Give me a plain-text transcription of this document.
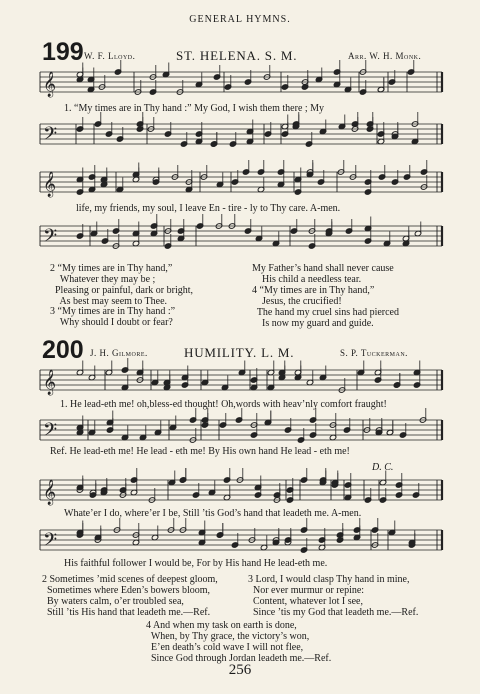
GENERAL HYMNS.
199 W. F. Lloyd.	ST. HELENA. S. M.	Arr. W. H. Monk.
𝄞
1. “My times are in Thy hand :” My God, I wish them there ; My
𝄢
𝄞
life, my friends, my soul, I leave En - tire - ly to Thy care. A-men.
𝄢
2 “My times are in Thy hand,”
Whatever they may be ;
Pleasing or painful, dark or bright,
As best may seem to Thee.
3 “My times are in Thy hand :”
Why should I doubt or fear?
My Father’s hand shall never cause
His child a needless tear.
4 “My times are in Thy hand,”
Jesus, the crucified!
The hand my cruel sins had pierced
Is now my guard and guide.
200 J. H. Gilmore.	HUMILITY. L. M.	S. P. Tuckerman.
𝄞
1. He lead-eth me! oh,bless-ed thought! Oh,words with heav’nly comfort fraught!
𝄢
Ref. He lead-eth me! He lead - eth me! By His own hand He lead - eth me!
D. C.
𝄞
Whate’er I do, where’er I be, Still ’tis God’s hand that leadeth me. A-men.
𝄢
His faithful follower I would be, For by His hand He lead-eth me.
2 Sometimes ’mid scenes of deepest gloom,
Sometimes where Eden’s bowers bloom,
By waters calm, o’er troubled sea,
Still ’tis His hand that leadeth me.—Ref.
3 Lord, I would clasp Thy hand in mine,
Nor ever murmur or repine:
Content, whatever lot I see,
Since ’tis my God that leadeth me.—Ref.
4 And when my task on earth is done,
When, by Thy grace, the victory’s won,
E’en death’s cold wave I will not flee,
Since God through Jordan leadeth me.—Ref.
256
